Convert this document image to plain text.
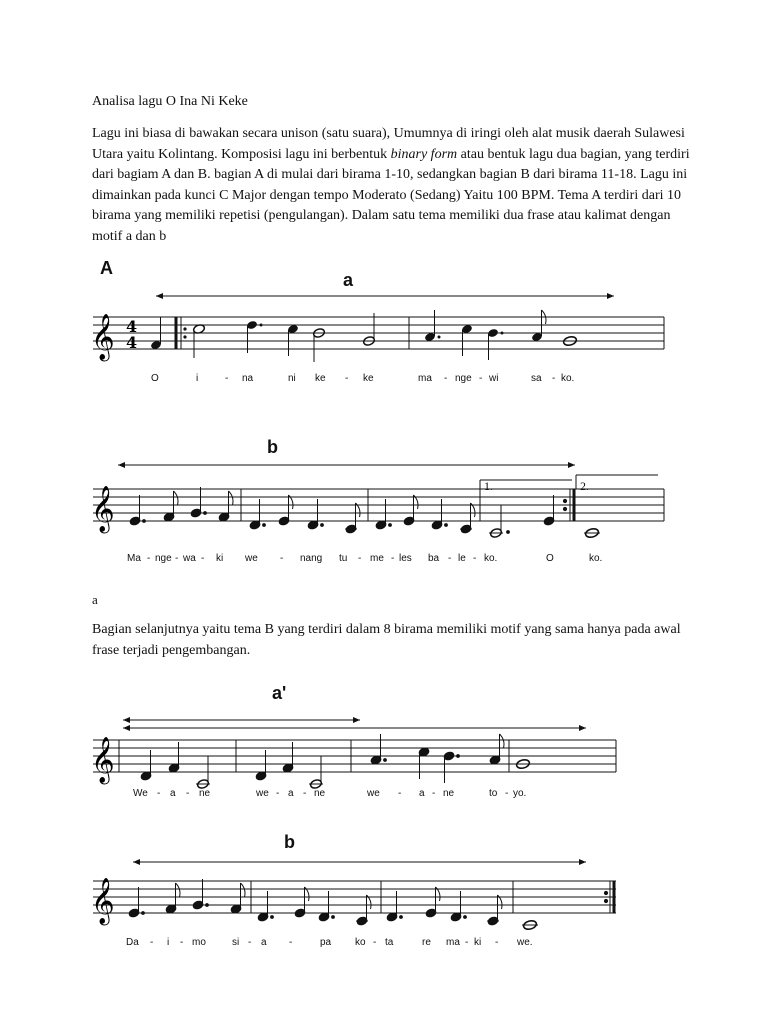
Analisa lagu O Ina Ni Keke
Lagu ini biasa di bawakan secara unison (satu suara), Umumnya di iringi oleh alat musik daerah Sulawesi Utara yaitu Kolintang. Komposisi lagu ini berbentuk binary form atau bentuk lagu dua bagian, yang terdiri dari bagiam A dan B. bagian A di mulai dari birama 1-10, sedangkan bagian B dari birama 11-18. Lagu ini dimainkan pada kunci C Major dengan tempo Moderato (Sedang) Yaitu 100 BPM. Tema A terdiri dari 10 birama yang memiliki repetisi (pengulangan). Dalam satu tema memiliki dua frase atau kalimat dengan motif a dan b
A
a
𝄞 4
4
O	i	- na	ni ke - ke	ma - nge - wi	sa - ko.
b
𝄞	1.	2.
Ma - nge - wa - ki we - nang tu - me - les ba - le - ko.	O	ko.
a
Bagian selanjutnya yaitu tema B yang terdiri dalam 8 birama memiliki motif yang sama hanya pada awal frase terjadi pengembangan.
a'
𝄞
We - a - ne	we - a - ne	we - a - ne	to - yo.
b
𝄞
Da - i - mo	si - a -	pa ko - ta	re ma - ki - we.
